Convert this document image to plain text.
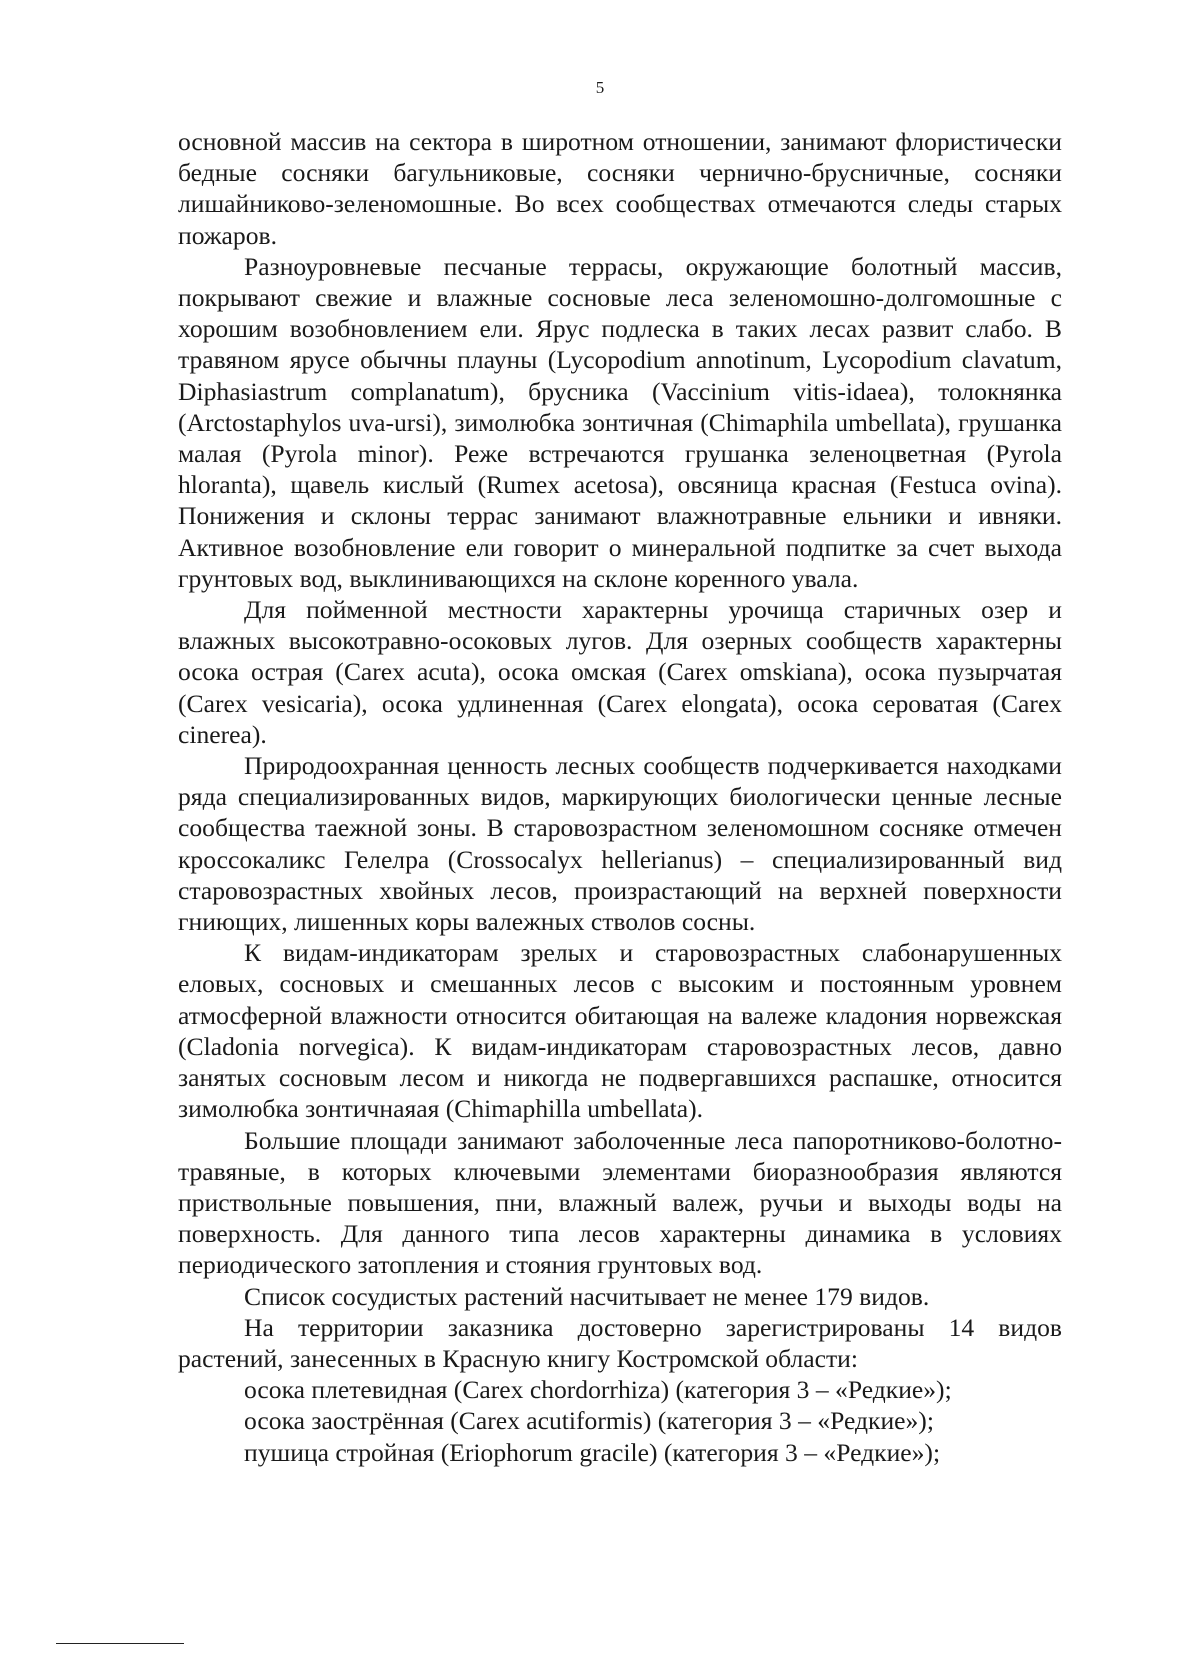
5

основной массив на сектора в широтном отношении, занимают флористически бедные сосняки багульниковые, сосняки чернично-брусничные, сосняки лишайниково-зеленомошные. Во всех сообществах отмечаются следы старых пожаров.

Разноуровневые песчаные террасы, окружающие болотный массив, покрывают свежие и влажные сосновые леса зеленомошно-долгомошные с хорошим возобновлением ели. Ярус подлеска в таких лесах развит слабо. В травяном ярусе обычны плауны (Lycopodium annotinum, Lycopodium clavatum, Diphasiastrum complanatum), брусника (Vaccinium vitis-idaea), толокнянка (Arctostaphylos uva-ursi), зимолюбка зонтичная (Chimaphila umbellata), грушанка малая (Pyrola minor). Реже встречаются грушанка зеленоцветная (Pyrola hloranta), щавель кислый (Rumex acetosa), овсяница красная (Festuca ovina). Понижения и склоны террас занимают влажнотравные ельники и ивняки. Активное возобновление ели говорит о минеральной подпитке за счет выхода грунтовых вод, выклинивающихся на склоне коренного увала.

Для пойменной местности характерны урочища старичных озер и влажных высокотравно-осоковых лугов. Для озерных сообществ характерны осока острая (Carex acuta), осока омская (Carex omskiana), осока пузырчатая (Carex vesicaria), осока удлиненная (Carex elongata), осока сероватая (Carex cinerea).

Природоохранная ценность лесных сообществ подчеркивается находками ряда специализированных видов, маркирующих биологически ценные лесные сообщества таежной зоны. В старовозрастном зеленомошном сосняке отмечен кроссокаликс Гелелра (Crossocalyx hellerianus) – специализированный вид старовозрастных хвойных лесов, произрастающий на верхней поверхности гниющих, лишенных коры валежных стволов сосны.

К видам-индикаторам зрелых и старовозрастных слабонарушенных еловых, сосновых и смешанных лесов с высоким и постоянным уровнем атмосферной влажности относится обитающая на валеже кладония норвежская (Cladonia norvegica). К видам-индикаторам старовозрастных лесов, давно занятых сосновым лесом и никогда не подвергавшихся распашке, относится зимолюбка зонтичнаяая (Chimaphilla umbellata).

Большие площади занимают заболоченные леса папоротниково-болотно-травяные, в которых ключевыми элементами биоразнообразия являются приствольные повышения, пни, влажный валеж, ручьи и выходы воды на поверхность. Для данного типа лесов характерны динамика в условиях периодического затопления и стояния грунтовых вод.

Список сосудистых растений насчитывает не менее 179 видов.

На территории заказника достоверно зарегистрированы 14 видов растений, занесенных в Красную книгу Костромской области:

осока плетевидная (Carex chordorrhiza) (категория 3 – «Редкие»);

осока заострённая (Carex acutiformis) (категория 3 – «Редкие»);

пушица стройная (Eriophorum gracile) (категория 3 – «Редкие»);
